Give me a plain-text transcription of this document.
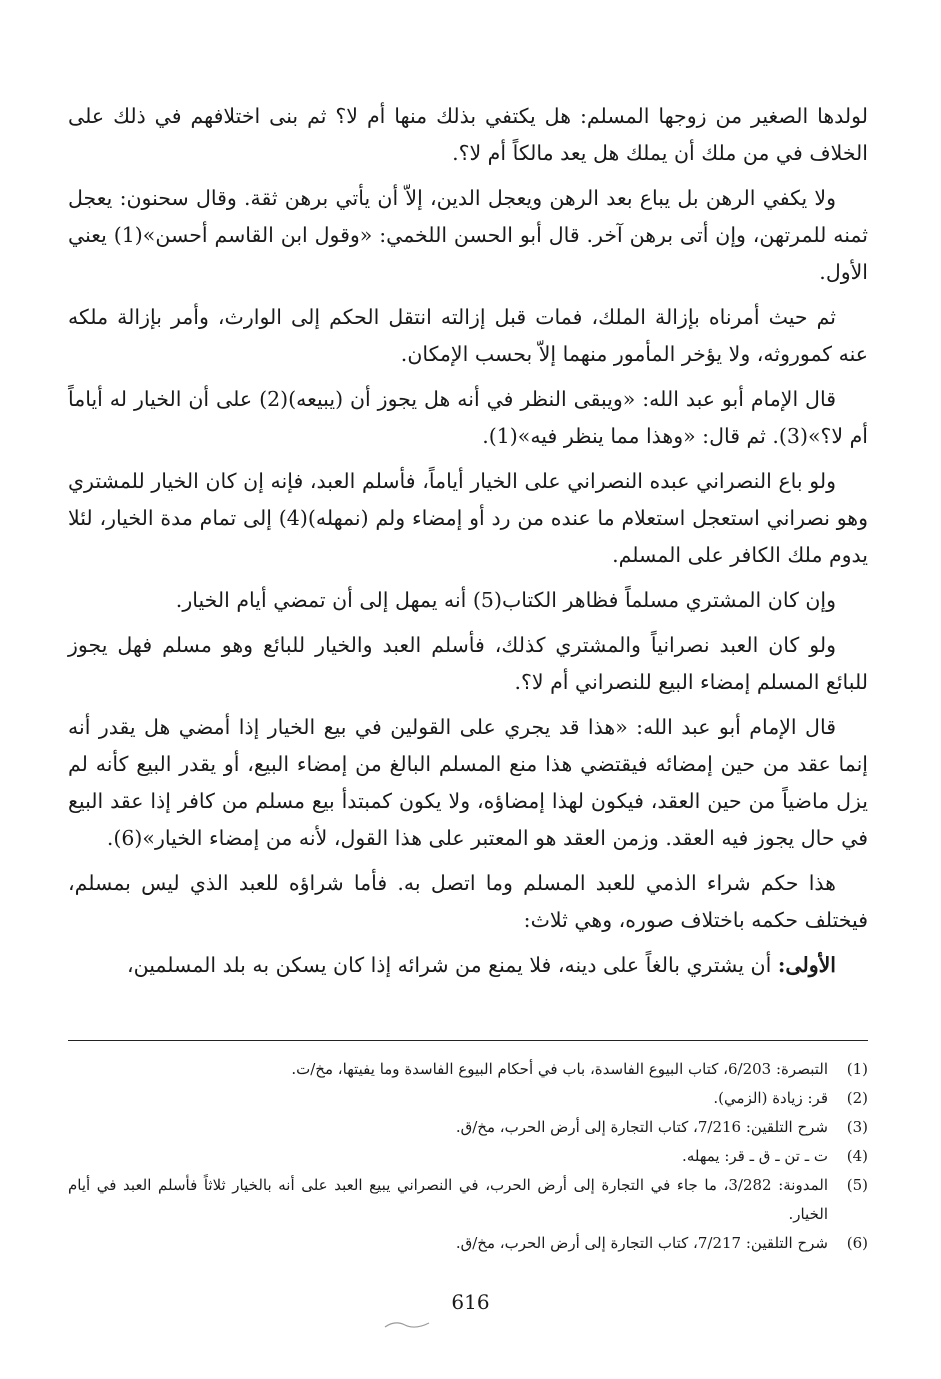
لولدها الصغير من زوجها المسلم: هل يكتفي بذلك منها أم لا؟ ثم بنى اختلافهم في ذلك على الخلاف في من ملك أن يملك هل يعد مالكاً أم لا؟.

ولا يكفي الرهن بل يباع بعد الرهن ويعجل الدين، إلاّ أن يأتي برهن ثقة. وقال سحنون: يعجل ثمنه للمرتهن، وإن أتى برهن آخر. قال أبو الحسن اللخمي: «وقول ابن القاسم أحسن»(1) يعني الأول.

ثم حيث أمرناه بإزالة الملك، فمات قبل إزالته انتقل الحكم إلى الوارث، وأمر بإزالة ملكه عنه كموروثه، ولا يؤخر المأمور منهما إلاّ بحسب الإمكان.

قال الإمام أبو عبد الله: «ويبقى النظر في أنه هل يجوز أن (يبيعه)(2) على أن الخيار له أياماً أم لا؟»(3). ثم قال: «وهذا مما ينظر فيه»(1).

ولو باع النصراني عبده النصراني على الخيار أياماً، فأسلم العبد، فإنه إن كان الخيار للمشتري وهو نصراني استعجل استعلام ما عنده من رد أو إمضاء ولم (نمهله)(4) إلى تمام مدة الخيار، لئلا يدوم ملك الكافر على المسلم.

وإن كان المشتري مسلماً فظاهر الكتاب(5) أنه يمهل إلى أن تمضي أيام الخيار.

ولو كان العبد نصرانياً والمشتري كذلك، فأسلم العبد والخيار للبائع وهو مسلم فهل يجوز للبائع المسلم إمضاء البيع للنصراني أم لا؟.

قال الإمام أبو عبد الله: «هذا قد يجري على القولين في بيع الخيار إذا أمضي هل يقدر أنه إنما عقد من حين إمضائه فيقتضي هذا منع المسلم البالغ من إمضاء البيع، أو يقدر البيع كأنه لم يزل ماضياً من حين العقد، فيكون لهذا إمضاؤه، ولا يكون كمبتدأ بيع مسلم من كافر إذا عقد البيع في حال يجوز فيه العقد. وزمن العقد هو المعتبر على هذا القول، لأنه من إمضاء الخيار»(6).

هذا حكم شراء الذمي للعبد المسلم وما اتصل به. فأما شراؤه للعبد الذي ليس بمسلم، فيختلف حكمه باختلاف صوره، وهي ثلاث:

الأولى: أن يشتري بالغاً على دينه، فلا يمنع من شرائه إذا كان يسكن به بلد المسلمين،

(1)
التبصرة: 6/203، كتاب البيوع الفاسدة، باب في أحكام البيوع الفاسدة وما يفيتها، مخ/ت.
(2)
قر: زيادة (الزمي).
(3)
شرح التلقين: 7/216، كتاب التجارة إلى أرض الحرب، مخ/ق.
(4)
ت ـ تن ـ ق ـ قر: يمهله.
(5)
المدونة: 3/282، ما جاء في التجارة إلى أرض الحرب، في النصراني يبيع العبد على أنه بالخيار ثلاثاً فأسلم العبد في أيام الخيار.
(6)
شرح التلقين: 7/217، كتاب التجارة إلى أرض الحرب، مخ/ق.
616
